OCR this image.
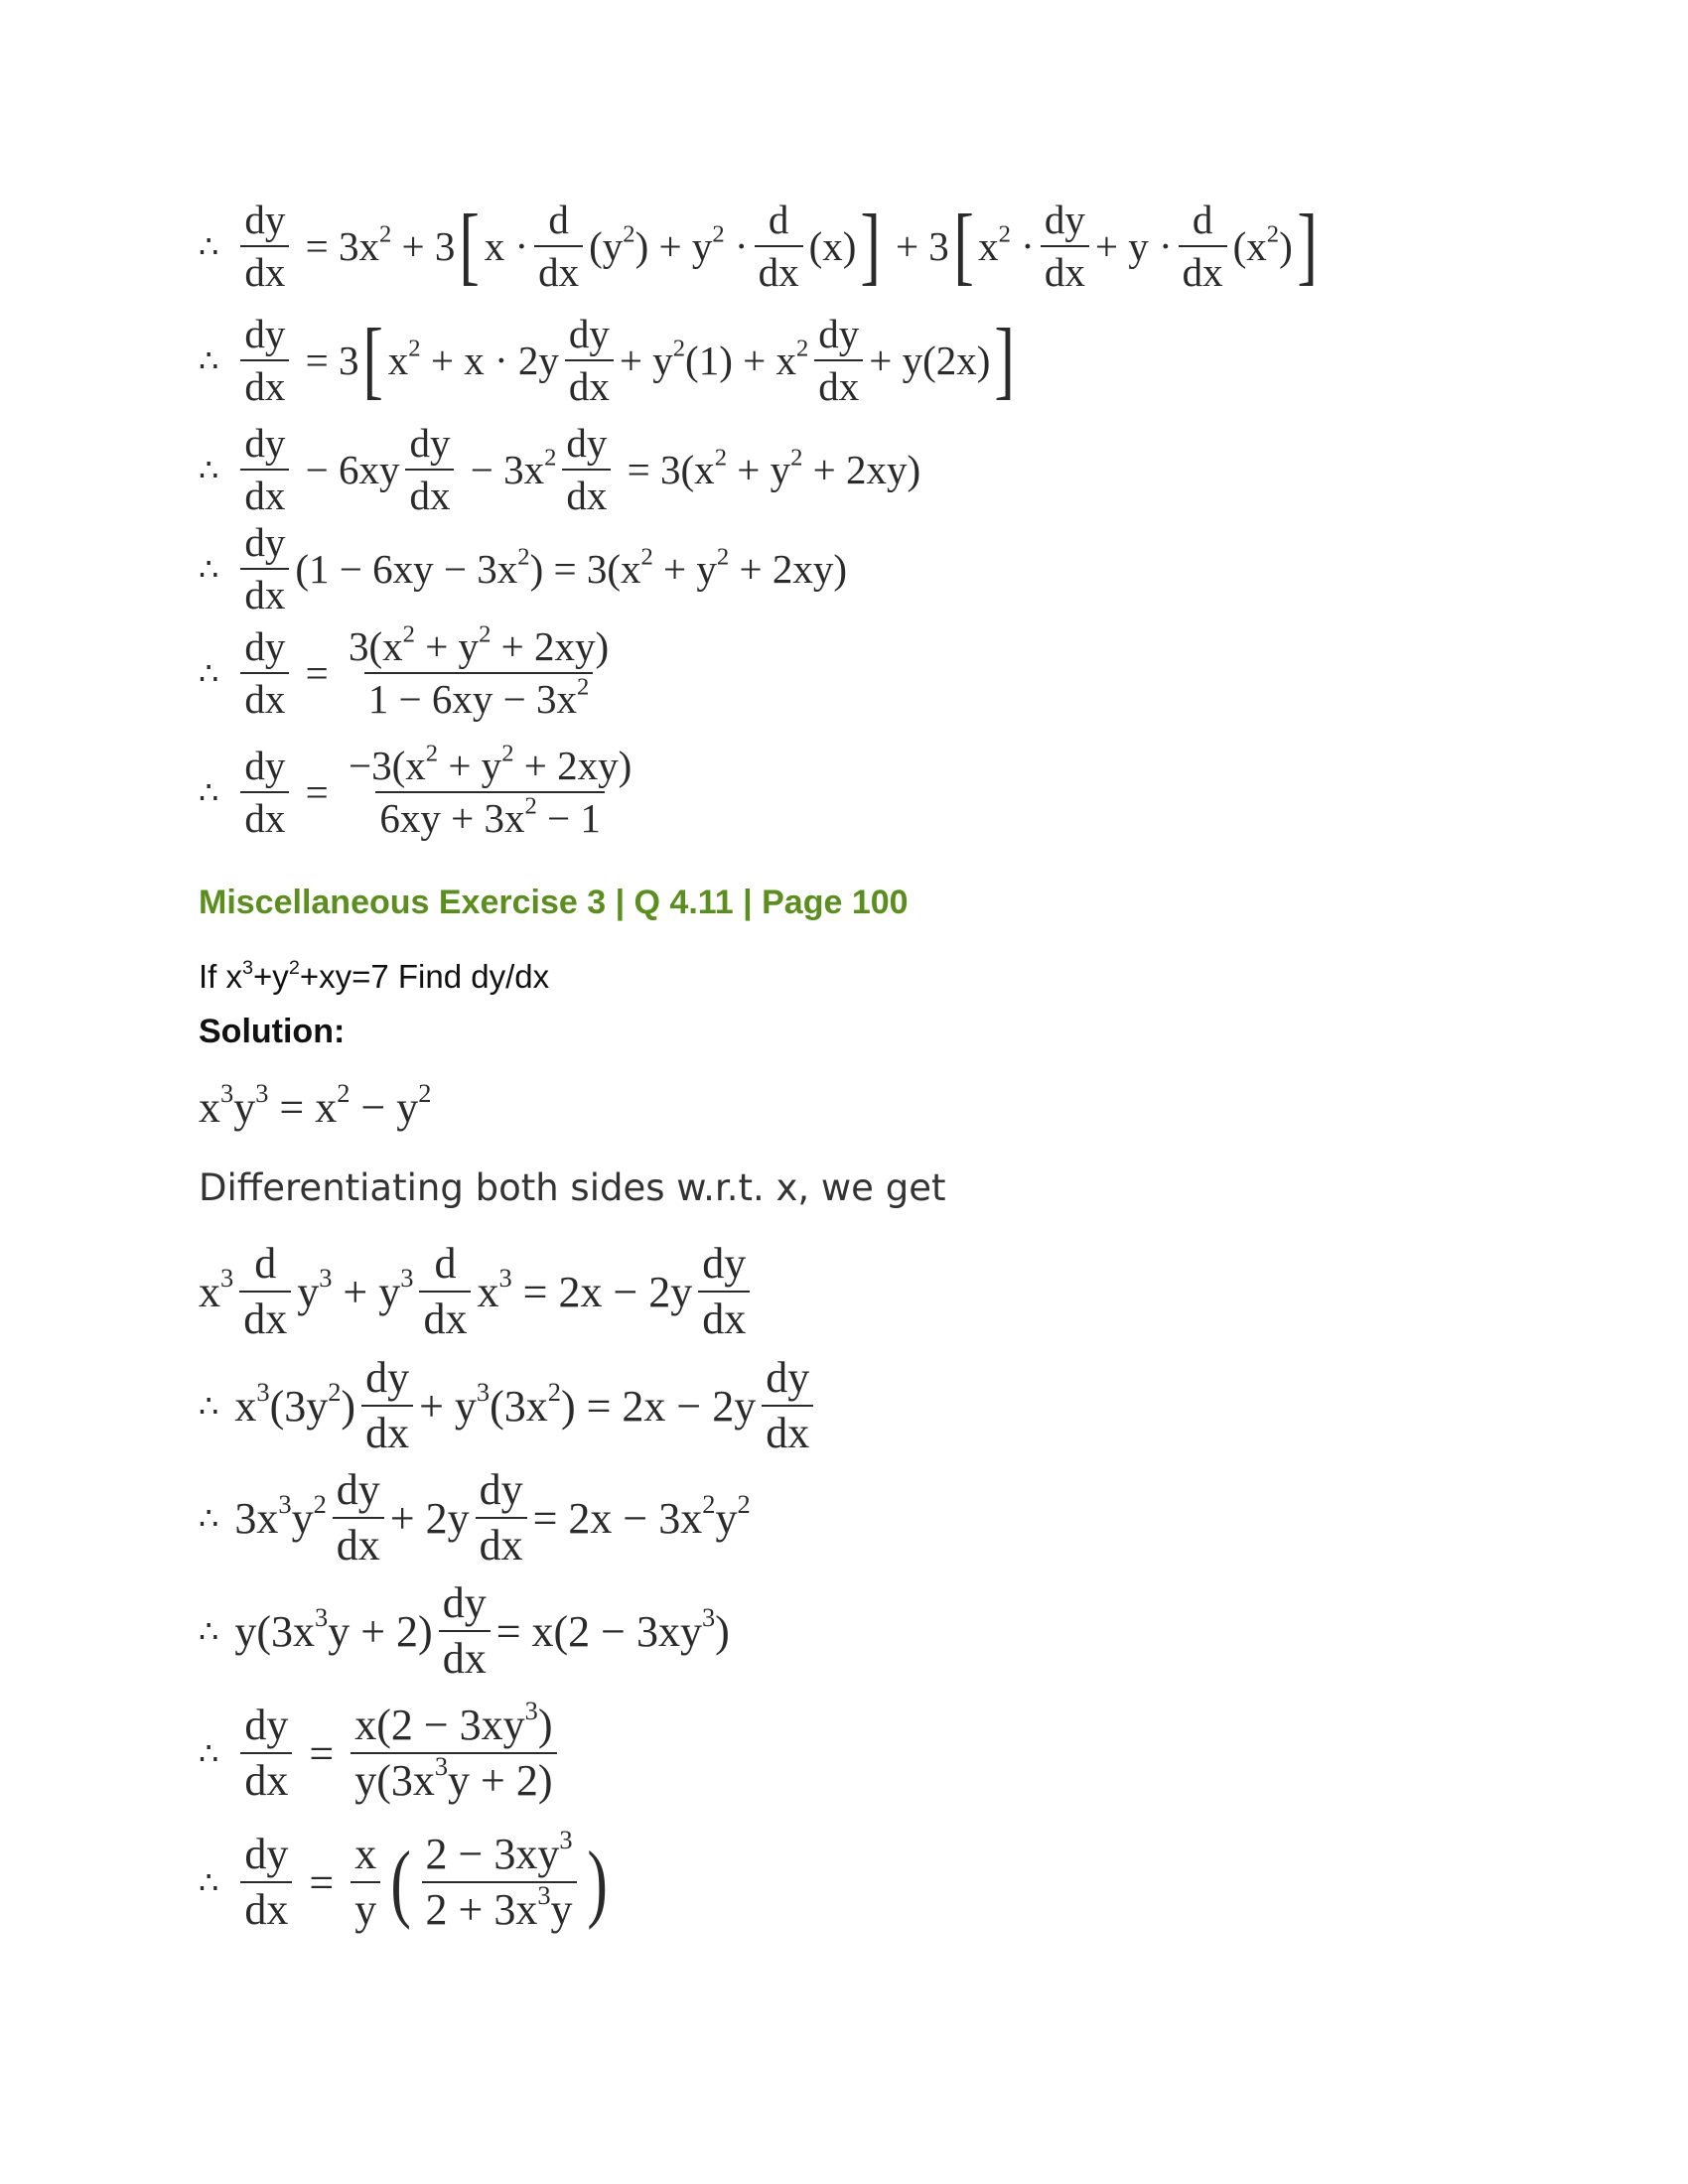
∴ $\frac{dy}{dx} = 3x^2 + 3$ [ $x \cdot \frac{d}{dx} (y^2) + y^2 \cdot \frac{d}{dx} (x)$ ] + 3 [ $x^2 \cdot \frac{dy}{dx} + y \cdot \frac{d}{dx} (x^2)$ ]
∴ $\frac{dy}{dx} = 3$ [ $x^2 + x \cdot 2y \frac{dy}{dx} + y^2(1) + x^2 \frac{dy}{dx} + y(2x)$ ]
∴ $\frac{dy}{dx} - 6xy \frac{dy}{dx} - 3x^2 \frac{dy}{dx} = 3(x^2 + y^2 + 2xy)$
∴ $\frac{dy}{dx} (1 - 6xy - 3x^2) = 3(x^2 + y^2 + 2xy)$
∴ $\frac{dy}{dx} = \frac{3(x^2 + y^2 + 2xy)}{1 - 6xy - 3x^2}$
∴ $\frac{dy}{dx} = \frac{-3(x^2 + y^2 + 2xy)}{6xy + 3x^2 - 1}$
Miscellaneous Exercise 3 | Q 4.11 | Page 100
If $x^3+y^2+xy=7$ Find dy/dx
Solution:
$x^3y^3 = x^2 - y^2$
Differentiating both sides w.r.t. x, we get
$x^3 \frac{d}{dx} y^3 + y^3 \frac{d}{dx} x^3 = 2x - 2y \frac{dy}{dx}$
∴ $x^3(3y^2) \frac{dy}{dx} + y^3(3x^2) = 2x - 2y \frac{dy}{dx}$
∴ $3x^3y^2 \frac{dy}{dx} + 2y \frac{dy}{dx} = 2x - 3x^2y^2$
∴ $y(3x^3y + 2) \frac{dy}{dx} = x(2 - 3xy^3)$
∴ $\frac{dy}{dx} = \frac{x(2 - 3xy^3)}{y(3x^3y + 2)}$
∴ $\frac{dy}{dx} = \frac{x}{y}$ ( $\frac{2 - 3xy^3}{2 + 3x^3y}$ )
